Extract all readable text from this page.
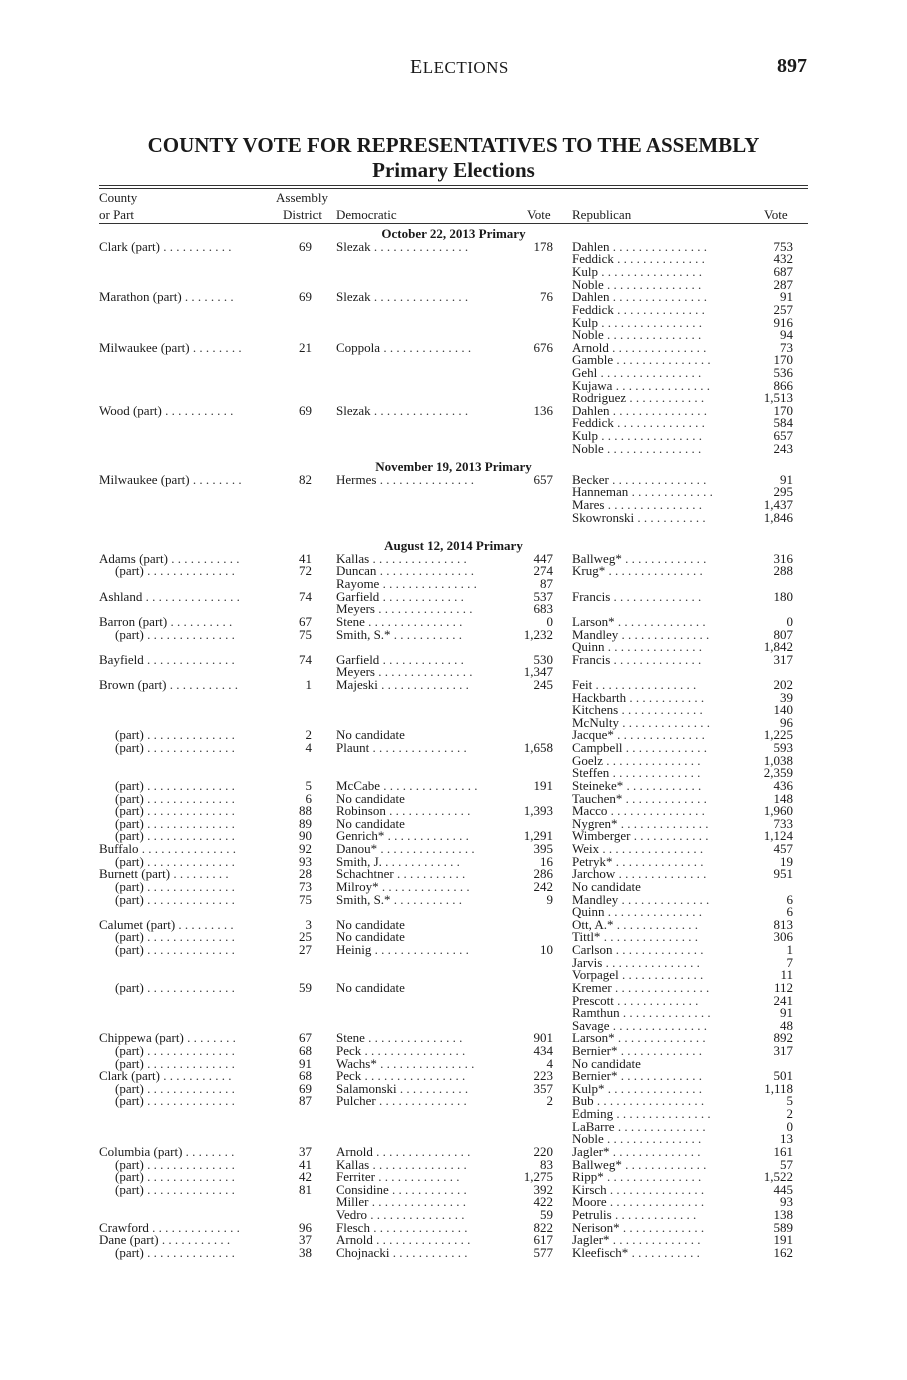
ELECTIONS	897
COUNTY VOTE FOR REPRESENTATIVES TO THE ASSEMBLY
Primary Elections
County	Assembly
or Part	District Democratic	Vote Republican	Vote
October 22, 2013 Primary
Clark (part) . . . . . . . . . . .	69 Slezak . . . . . . . . . . . . . . .	178 Dahlen . . . . . . . . . . . . . . .	753
Feddick . . . . . . . . . . . . . .	432
Kulp . . . . . . . . . . . . . . . .	687
Noble . . . . . . . . . . . . . . .	287
Marathon (part) . . . . . . . .	69 Slezak . . . . . . . . . . . . . . .	76 Dahlen . . . . . . . . . . . . . . .	91
Feddick . . . . . . . . . . . . . .	257
Kulp . . . . . . . . . . . . . . . .	916
Noble . . . . . . . . . . . . . . .	94
Milwaukee (part) . . . . . . . .	21 Coppola . . . . . . . . . . . . . .	676 Arnold . . . . . . . . . . . . . . .	73
Gamble . . . . . . . . . . . . . . .	170
Gehl . . . . . . . . . . . . . . . .	536
Kujawa . . . . . . . . . . . . . . .	866
Rodriguez . . . . . . . . . . . .	1,513
Wood (part) . . . . . . . . . . .	69 Slezak . . . . . . . . . . . . . . .	136 Dahlen . . . . . . . . . . . . . . .	170
Feddick . . . . . . . . . . . . . .	584
Kulp . . . . . . . . . . . . . . . .	657
Noble . . . . . . . . . . . . . . .	243
November 19, 2013 Primary
Milwaukee (part) . . . . . . . .	82 Hermes . . . . . . . . . . . . . . .	657 Becker . . . . . . . . . . . . . . .	91
Hanneman . . . . . . . . . . . . .	295
Mares . . . . . . . . . . . . . . .	1,437
Skowronski . . . . . . . . . . .	1,846
August 12, 2014 Primary
Adams (part) . . . . . . . . . . .	41 Kallas . . . . . . . . . . . . . . .	447 Ballweg* . . . . . . . . . . . . .	316
(part) . . . . . . . . . . . . . .	72 Duncan . . . . . . . . . . . . . . .	274 Krug* . . . . . . . . . . . . . . .	288
Rayome . . . . . . . . . . . . . . .	87
Ashland . . . . . . . . . . . . . . .	74 Garfield . . . . . . . . . . . . .	537 Francis . . . . . . . . . . . . . .	180
Meyers . . . . . . . . . . . . . . .	683
Barron (part) . . . . . . . . . .	67 Stene . . . . . . . . . . . . . . .	0 Larson* . . . . . . . . . . . . . .	0
(part) . . . . . . . . . . . . . .	75 Smith, S.* . . . . . . . . . . .	1,232 Mandley . . . . . . . . . . . . . .	807
Quinn . . . . . . . . . . . . . . .	1,842
Bayfield . . . . . . . . . . . . . .	74 Garfield . . . . . . . . . . . . .	530 Francis . . . . . . . . . . . . . .	317
Meyers . . . . . . . . . . . . . . .	1,347
Brown (part) . . . . . . . . . . .	1 Majeski . . . . . . . . . . . . . .	245 Feit . . . . . . . . . . . . . . . .	202
Hackbarth . . . . . . . . . . . .	39
Kitchens . . . . . . . . . . . . .	140
McNulty . . . . . . . . . . . . . .	96
(part) . . . . . . . . . . . . . .	2 No candidate	Jacque* . . . . . . . . . . . . . .	1,225
(part) . . . . . . . . . . . . . .	4 Plaunt . . . . . . . . . . . . . . .	1,658 Campbell . . . . . . . . . . . . .	593
Goelz . . . . . . . . . . . . . . .	1,038
Steffen . . . . . . . . . . . . . .	2,359
(part) . . . . . . . . . . . . . .	5 McCabe . . . . . . . . . . . . . . .	191 Steineke* . . . . . . . . . . . .	436
(part) . . . . . . . . . . . . . .	6 No candidate	Tauchen* . . . . . . . . . . . . .	148
(part) . . . . . . . . . . . . . .	88 Robinson . . . . . . . . . . . . .	1,393 Macco . . . . . . . . . . . . . . .	1,960
(part) . . . . . . . . . . . . . .	89 No candidate	Nygren* . . . . . . . . . . . . . .	733
(part) . . . . . . . . . . . . . .	90 Genrich* . . . . . . . . . . . . .	1,291 Wimberger . . . . . . . . . . . .	1,124
Buffalo . . . . . . . . . . . . . . .	92 Danou* . . . . . . . . . . . . . . .	395 Weix . . . . . . . . . . . . . . . .	457
(part) . . . . . . . . . . . . . .	93 Smith, J. . . . . . . . . . . . .	16 Petryk* . . . . . . . . . . . . . .	19
Burnett (part) . . . . . . . . .	28 Schachtner . . . . . . . . . . .	286 Jarchow . . . . . . . . . . . . . .	951
(part) . . . . . . . . . . . . . .	73 Milroy* . . . . . . . . . . . . . .	242 No candidate
(part) . . . . . . . . . . . . . .	75 Smith, S.* . . . . . . . . . . .	9 Mandley . . . . . . . . . . . . . .	6
Quinn . . . . . . . . . . . . . . .	6
Calumet (part) . . . . . . . . .	3 No candidate	Ott, A.* . . . . . . . . . . . . .	813
(part) . . . . . . . . . . . . . .	25 No candidate	Tittl* . . . . . . . . . . . . . . .	306
(part) . . . . . . . . . . . . . .	27 Heinig . . . . . . . . . . . . . . .	10 Carlson . . . . . . . . . . . . . .	1
Jarvis . . . . . . . . . . . . . . .	7
Vorpagel . . . . . . . . . . . . .	11
(part) . . . . . . . . . . . . . .	59 No candidate	Kremer . . . . . . . . . . . . . . .	112
Prescott . . . . . . . . . . . . .	241
Ramthun . . . . . . . . . . . . . .	91
Savage . . . . . . . . . . . . . . .	48
Chippewa (part) . . . . . . . .	67 Stene . . . . . . . . . . . . . . .	901 Larson* . . . . . . . . . . . . . .	892
(part) . . . . . . . . . . . . . .	68 Peck . . . . . . . . . . . . . . . .	434 Bernier* . . . . . . . . . . . . .	317
(part) . . . . . . . . . . . . . .	91 Wachs* . . . . . . . . . . . . . . .	4 No candidate
Clark (part) . . . . . . . . . . .	68 Peck . . . . . . . . . . . . . . . .	223 Bernier* . . . . . . . . . . . . .	501
(part) . . . . . . . . . . . . . .	69 Salamonski . . . . . . . . . . .	357 Kulp* . . . . . . . . . . . . . . .	1,118
(part) . . . . . . . . . . . . . .	87 Pulcher . . . . . . . . . . . . . .	2 Bub . . . . . . . . . . . . . . . . .	5
Edming . . . . . . . . . . . . . . .	2
LaBarre . . . . . . . . . . . . . .	0
Noble . . . . . . . . . . . . . . .	13
Columbia (part) . . . . . . . .	37 Arnold . . . . . . . . . . . . . . .	220 Jagler* . . . . . . . . . . . . . .	161
(part) . . . . . . . . . . . . . .	41 Kallas . . . . . . . . . . . . . . .	83 Ballweg* . . . . . . . . . . . . .	57
(part) . . . . . . . . . . . . . .	42 Ferriter . . . . . . . . . . . . .	1,275 Ripp* . . . . . . . . . . . . . . .	1,522
(part) . . . . . . . . . . . . . .	81 Considine . . . . . . . . . . . .	392 Kirsch . . . . . . . . . . . . . . .	445
Miller . . . . . . . . . . . . . . .	422 Moore . . . . . . . . . . . . . . .	93
Vedro . . . . . . . . . . . . . . .	59 Petrulis . . . . . . . . . . . . .	138
Crawford . . . . . . . . . . . . . .	96 Flesch . . . . . . . . . . . . . . .	822 Nerison* . . . . . . . . . . . . .	589
Dane (part) . . . . . . . . . . .	37 Arnold . . . . . . . . . . . . . . .	617 Jagler* . . . . . . . . . . . . . .	191
(part) . . . . . . . . . . . . . .	38 Chojnacki . . . . . . . . . . . .	577 Kleefisch* . . . . . . . . . . .	162
